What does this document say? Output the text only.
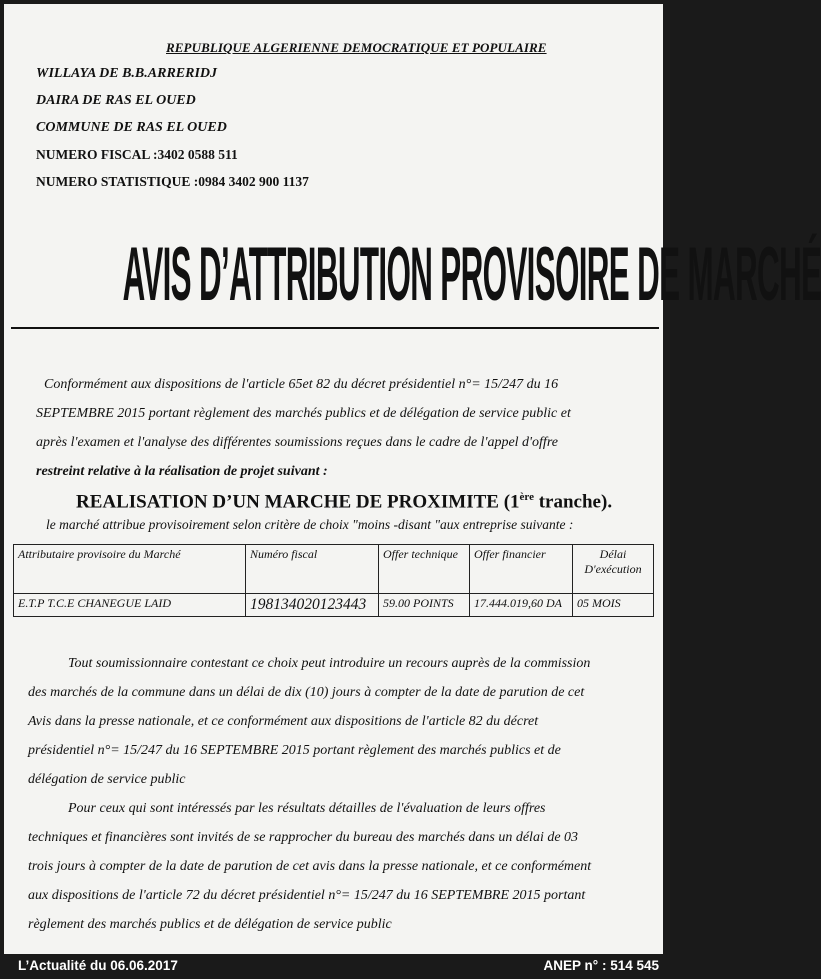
REPUBLIQUE ALGERIENNE DEMOCRATIQUE ET POPULAIRE
WILLAYA DE B.B.ARRERIDJ
DAIRA DE RAS EL OUED
COMMUNE DE RAS EL OUED
NUMERO FISCAL :3402 0588 511
NUMERO STATISTIQUE :0984 3402 900 1137
AVIS D’ATTRIBUTION PROVISOIRE DE MARCHÉ
Conformément aux dispositions de l'article 65et 82 du décret présidentiel n°= 15/247 du 16
SEPTEMBRE 2015 portant règlement des marchés publics et de délégation de service public et
après l'examen et l'analyse des différentes soumissions reçues dans le cadre de l'appel d'offre
restreint relative à la réalisation de projet suivant :
REALISATION D’UN MARCHE DE PROXIMITE (1ère tranche).
le marché attribue provisoirement selon critère de choix "moins -disant "aux entreprise suivante :
Attributaire provisoire du Marché	Numéro fiscal	Offer technique	Offer financier	Délai
D'exécution

E.T.P T.C.E CHANEGUE LAID	198134020123443	59.00 POINTS	17.444.019,60 DA	05 MOIS
Tout soumissionnaire contestant ce choix peut introduire un recours auprès de la commission
des marchés de la commune dans un délai de dix (10) jours à compter de la date de parution de cet
Avis dans la presse nationale, et ce conformément aux dispositions de l'article 82 du décret
présidentiel n°= 15/247 du 16 SEPTEMBRE 2015 portant règlement des marchés publics et de
délégation de service public
Pour ceux qui sont intéressés par les résultats détailles de l'évaluation de leurs offres
techniques et financières sont invités de se rapprocher du bureau des marchés dans un délai de 03
trois jours à compter de la date de parution de cet avis dans la presse nationale, et ce conformément
aux dispositions de l'article 72 du décret présidentiel n°= 15/247 du 16 SEPTEMBRE 2015 portant
règlement des marchés publics et de délégation de service public
L’Actualité du 06.06.2017	ANEP n° : 514 545
